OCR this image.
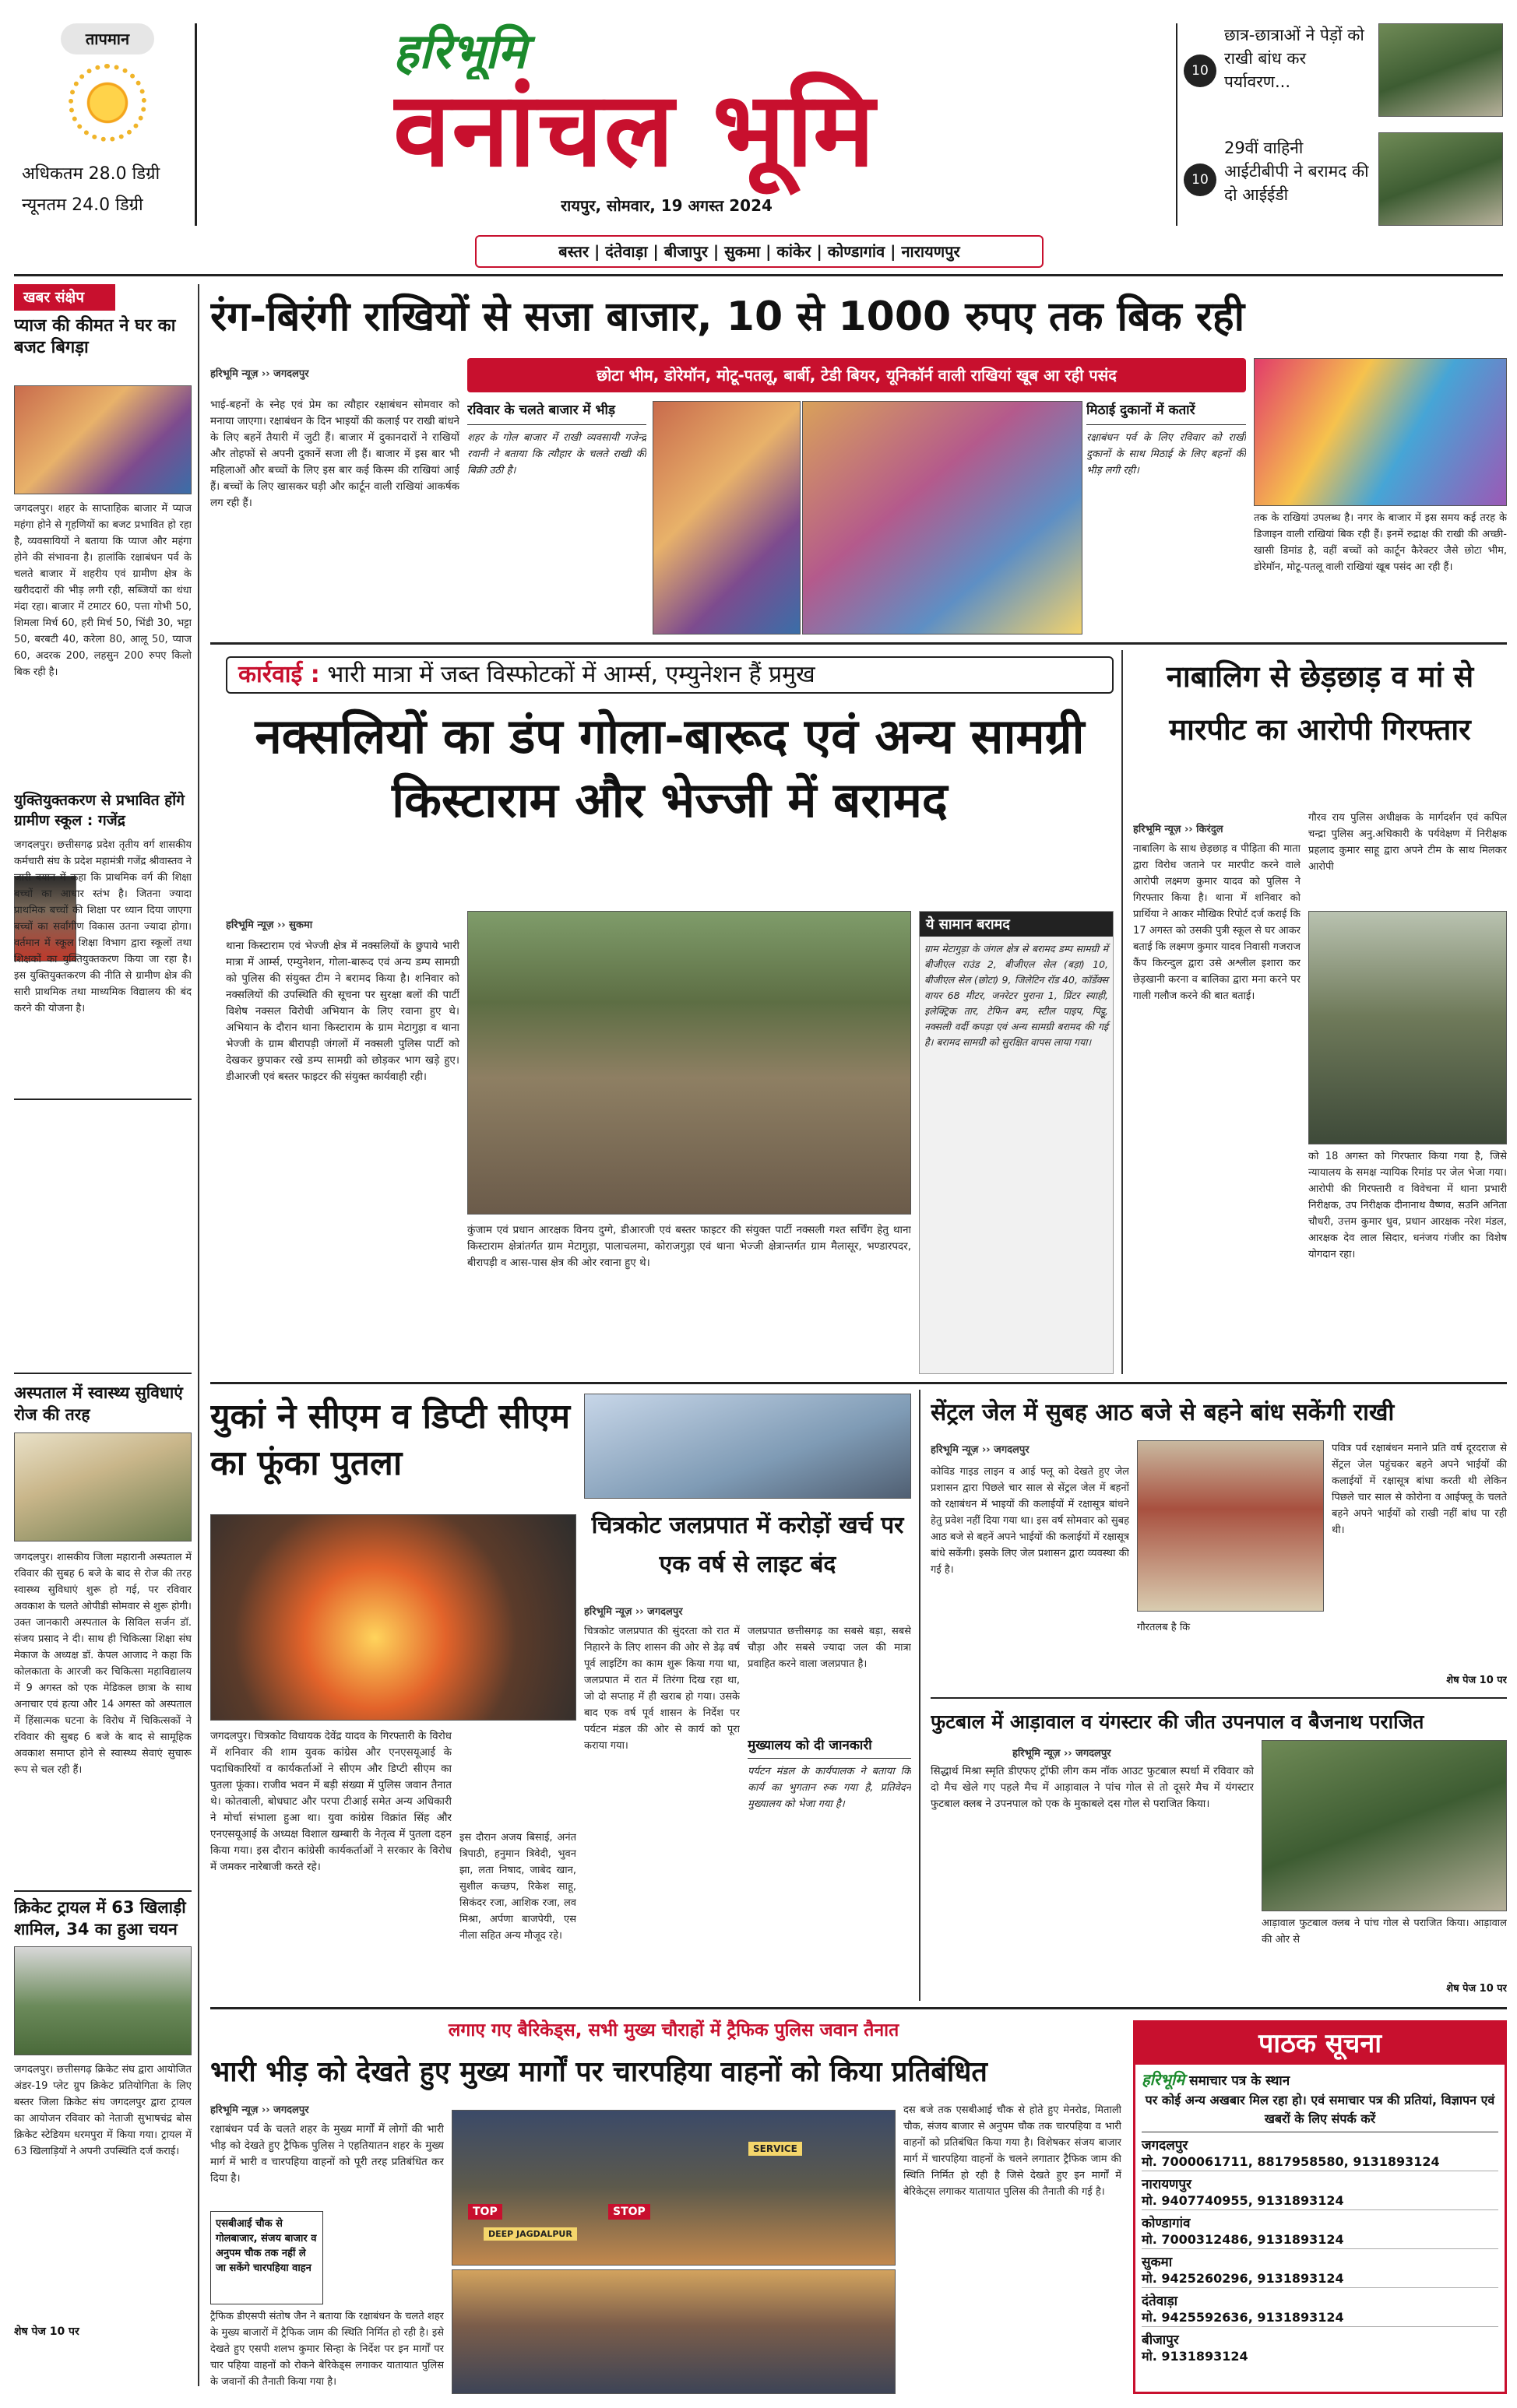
तापमान
अधिकतम 28.0 डिग्री
न्यूनतम 24.0 डिग्री
हरिभूमि
वनांचल भूमि
रायपुर, सोमवार, 19 अगस्त 2024
10
छात्र-छात्राओं ने पेड़ों को राखी बांध कर पर्यावरण...
10
29वीं वाहिनी आईटीबीपी ने बरामद की दो आईईडी
बस्तर | दंतेवाड़ा | बीजापुर | सुकमा | कांकेर | कोण्डागांव | नारायणपुर
खबर संक्षेप
प्याज की कीमत ने घर का बजट बिगड़ा
जगदलपुर। शहर के साप्ताहिक बाजार में प्याज महंगा होने से गृहणियों का बजट प्रभावित हो रहा है, व्यवसायियों ने बताया कि प्याज और महंगा होने की संभावना है। हालांकि रक्षाबंधन पर्व के चलते बाजार में शहरीय एवं ग्रामीण क्षेत्र के खरीददारों की भीड़ लगी रही, सब्जियों का धंधा मंदा रहा। बाजार में टमाटर 60, पत्ता गोभी 50, शिमला मिर्च 60, हरी मिर्च 50, भिंडी 30, भट्टा 50, बरबटी 40, करेला 80, आलू 50, प्याज 60, अदरक 200, लहसुन 200 रुपए किलो बिक रही है।
युक्तियुक्तकरण से प्रभावित होंगे ग्रामीण स्कूल : गजेंद्र
जगदलपुर। छत्तीसगढ़ प्रदेश तृतीय वर्ग शासकीय कर्मचारी संघ के प्रदेश महामंत्री गजेंद्र श्रीवास्तव ने जारी बयान में कहा कि प्राथमिक वर्ग की शिक्षा बच्चों का आधार स्तंभ है। जितना ज्यादा प्राथमिक बच्चों की शिक्षा पर ध्यान दिया जाएगा बच्चों का सर्वांगीण विकास उतना ज्यादा होगा। वर्तमान में स्कूल शिक्षा विभाग द्वारा स्कूलों तथा शिक्षकों का युक्तियुक्तकरण किया जा रहा है। इस युक्तियुक्तकरण की नीति से ग्रामीण क्षेत्र की सारी प्राथमिक तथा माध्यमिक विद्यालय की बंद करने की योजना है।
अस्पताल में स्वास्थ्य सुविधाएं रोज की तरह
जगदलपुर। शासकीय जिला महारानी अस्पताल में रविवार की सुबह 6 बजे के बाद से रोज की तरह स्वास्थ्य सुविधाएं शुरू हो गई, पर रविवार अवकाश के चलते ओपीडी सोमवार से शुरू होगी। उक्त जानकारी अस्पताल के सिविल सर्जन डॉ. संजय प्रसाद ने दी। साथ ही चिकित्सा शिक्षा संघ मेकाज के अध्यक्ष डॉ. केपल आजाद ने कहा कि कोलकाता के आरजी कर चिकित्सा महाविद्यालय में 9 अगस्त को एक मेडिकल छात्रा के साथ अनाचार एवं हत्या और 14 अगस्त को अस्पताल में हिंसात्मक घटना के विरोध में चिकित्सकों ने रविवार की सुबह 6 बजे के बाद से सामूहिक अवकाश समाप्त होने से स्वास्थ्य सेवाएं सुचारू रूप से चल रही हैं।
क्रिकेट ट्रायल में 63 खिलाड़ी शामिल, 34 का हुआ चयन
जगदलपुर। छत्तीसगढ़ क्रिकेट संघ द्वारा आयोजित अंडर-19 प्लेट ग्रुप क्रिकेट प्रतियोगिता के लिए बस्तर जिला क्रिकेट संघ जगदलपुर द्वारा ट्रायल का आयोजन रविवार को नेताजी सुभाषचंद्र बोस क्रिकेट स्टेडियम धरमपुरा में किया गया। ट्रायल में 63 खिलाड़ियों ने अपनी उपस्थिति दर्ज कराई।
शेष पेज 10 पर
रंग-बिरंगी राखियों से सजा बाजार, 10 से 1000 रुपए तक बिक रही
हरिभूमि न्यूज़ ›› जगदलपुर	छोटा भीम, डोरेमॉन, मोटू-पतलू, बार्बी, टेडी बियर, यूनिकॉर्न वाली राखियां खूब आ रही पसंद
भाई-बहनों के स्नेह एवं प्रेम का त्यौहार रक्षाबंधन सोमवार को मनाया जाएगा। रक्षाबंधन के दिन भाइयों की कलाई पर राखी बांधने के लिए बहनें तैयारी में जुटी हैं। बाजार में दुकानदारों ने राखियों और तोहफों से अपनी दुकानें सजा ली हैं। बाजार में इस बार भी महिलाओं और बच्चों के लिए इस बार कई किस्म की राखियां आई हैं। बच्चों के लिए खासकर घड़ी और कार्टून वाली राखियां आकर्षक लग रही हैं।
रविवार के चलते बाजार में भीड़
शहर के गोल बाजार में राखी व्यवसायी गजेन्द्र रवानी ने बताया कि त्यौहार के चलते राखी की बिक्री उठी है।
मिठाई दुकानों में कतारें
रक्षाबंधन पर्व के लिए रविवार को राखी दुकानों के साथ मिठाई के लिए बहनों की भीड़ लगी रही।
तक के राखियां उपलब्ध है। नगर के बाजार में इस समय कई तरह के डिजाइन वाली राखियां बिक रही हैं। इनमें रुद्राक्ष की राखी की अच्छी-खासी डिमांड है, वहीं बच्चों को कार्टून कैरेक्टर जैसे छोटा भीम, डोरेमॉन, मोटू-पतलू वाली राखियां खूब पसंद आ रही हैं।
कार्रवाई : भारी मात्रा में जब्त विस्फोटकों में आर्म्स, एम्युनेशन हैं प्रमुख
नक्सलियों का डंप गोला-बारूद एवं अन्य सामग्री किस्टाराम और भेज्जी में बरामद
हरिभूमि न्यूज़ ›› सुकमा
थाना किस्टाराम एवं भेज्जी क्षेत्र में नक्सलियों के छुपाये भारी मात्रा में आर्म्स, एम्युनेशन, गोला-बारूद एवं अन्य डम्प सामग्री को पुलिस की संयुक्त टीम ने बरामद किया है। शनिवार को नक्सलियों की उपस्थिति की सूचना पर सुरक्षा बलों की पार्टी विशेष नक्सल विरोधी अभियान के लिए रवाना हुए थे। अभियान के दौरान थाना किस्टाराम के ग्राम मेटागुड़ा व थाना भेज्जी के ग्राम बीरापड़ी जंगलों में नक्सली पुलिस पार्टी को देखकर छुपाकर रखे डम्प सामग्री को छोड़कर भाग खड़े हुए। डीआरजी एवं बस्तर फाइटर की संयुक्त कार्यवाही रही।
कुंजाम एवं प्रधान आरक्षक विनय दुग्गे, डीआरजी एवं बस्तर फाइटर की संयुक्त पार्टी नक्सली गश्त सर्चिंग हेतु थाना किस्टाराम क्षेत्रांतर्गत ग्राम मेटागुड़ा, पालाचलमा, कोराजगुड़ा एवं थाना भेज्जी क्षेत्रान्तर्गत ग्राम मैलासूर, भण्डारपदर, बीरापड़ी व आस-पास क्षेत्र की ओर रवाना हुए थे।
ये सामान बरामद
ग्राम मेटागुड़ा के जंगल क्षेत्र से बरामद डम्प सामग्री में बीजीएल राउंड 2, बीजीएल सेल (बड़ा) 10, बीजीएल सेल (छोटा) 9, जिलेटिन रॉड 40, कॉर्डेक्स वायर 68 मीटर, जनरेटर पुराना 1, प्रिंटर स्याही, इलेक्ट्रिक तार, टेफिन बम, स्टील पाइप, पिट्ठू, नक्सली वर्दी कपड़ा एवं अन्य सामग्री बरामद की गई है। बरामद सामग्री को सुरक्षित वापस लाया गया।
नाबालिग से छेड़छाड़ व मां से मारपीट का आरोपी गिरफ्तार
हरिभूमि न्यूज़ ›› किरंदुल
नाबालिग के साथ छेड़छाड़ व पीड़िता की माता द्वारा विरोध जताने पर मारपीट करने वाले आरोपी लक्ष्मण कुमार यादव को पुलिस ने गिरफ्तार किया है। थाना में शनिवार को प्रार्थिया ने आकर मौखिक रिपोर्ट दर्ज कराई कि 17 अगस्त को उसकी पुत्री स्कूल से घर आकर बताई कि लक्ष्मण कुमार यादव निवासी गजराज कैंप किरन्दुल द्वारा उसे अश्लील इशारा कर छेड़खानी करना व बालिका द्वारा मना करने पर गाली गलौज करने की बात बताई।
गौरव राय पुलिस अधीक्षक के मार्गदर्शन एवं कपिल चन्द्रा पुलिस अनु.अधिकारी के पर्यवेक्षण में निरीक्षक प्रहलाद कुमार साहू द्वारा अपने टीम के साथ मिलकर आरोपी
को 18 अगस्त को गिरफ्तार किया गया है, जिसे न्यायालय के समक्ष न्यायिक रिमांड पर जेल भेजा गया। आरोपी की गिरफ्तारी व विवेचना में थाना प्रभारी निरीक्षक, उप निरीक्षक दीनानाथ वैष्णव, सउनि अनिता चौधरी, उत्तम कुमार धुव, प्रधान आरक्षक नरेश मंडल, आरक्षक देव लाल सिदार, धनंजय गंजीर का विशेष योगदान रहा।
युकां ने सीएम व डिप्टी सीएम का फूंका पुतला
जगदलपुर। चित्रकोट विधायक देवेंद्र यादव के गिरफ्तारी के विरोध में शनिवार की शाम युवक कांग्रेस और एनएसयूआई के पदाधिकारियों व कार्यकर्ताओं ने सीएम और डिप्टी सीएम का पुतला फूंका। राजीव भवन में बड़ी संख्या में पुलिस जवान तैनात थे। कोतवाली, बोधघाट और परपा टीआई समेत अन्य अधिकारी ने मोर्चा संभाला हुआ था। युवा कांग्रेस विक्रांत सिंह और एनएसयूआई के अध्यक्ष विशाल खम्बारी के नेतृत्व में पुतला दहन किया गया। इस दौरान कांग्रेसी कार्यकर्ताओं ने सरकार के विरोध में जमकर नारेबाजी करते रहे।
इस दौरान अजय बिसाई, अनंत त्रिपाठी, हनुमान त्रिवेदी, भुवन झा, लता निषाद, जाबेद खान, सुशील कच्छप, रिकेश साहू, सिकंदर रजा, आशिक रजा, लव मिश्रा, अर्पणा बाजपेयी, एस नीला सहित अन्य मौजूद रहे।
चित्रकोट जलप्रपात में करोड़ों खर्च पर एक वर्ष से लाइट बंद
हरिभूमि न्यूज़ ›› जगदलपुर
चित्रकोट जलप्रपात की सुंदरता को रात में निहारने के लिए शासन की ओर से डेढ़ वर्ष पूर्व लाइटिंग का काम शुरू किया गया था, जलप्रपात में रात में तिरंगा दिख रहा था, जो दो सप्ताह में ही खराब हो गया। उसके बाद एक वर्ष पूर्व शासन के निर्देश पर पर्यटन मंडल की ओर से कार्य को पूरा कराया गया।
जलप्रपात छत्तीसगढ़ का सबसे बड़ा, सबसे चौड़ा और सबसे ज्यादा जल की मात्रा प्रवाहित करने वाला जलप्रपात है।
मुख्यालय को दी जानकारी
पर्यटन मंडल के कार्यपालक ने बताया कि कार्य का भुगतान रुक गया है, प्रतिवेदन मुख्यालय को भेजा गया है।
सेंट्रल जेल में सुबह आठ बजे से बहने बांध सकेंगी राखी
हरिभूमि न्यूज़ ›› जगदलपुर
कोविड गाइड लाइन व आई फ्लू को देखते हुए जेल प्रशासन द्वारा पिछले चार साल से सेंट्रल जेल में बहनों को रक्षाबंधन में भाइयों की कलाईयों में रक्षासूत्र बांधने हेतु प्रवेश नहीं दिया गया था। इस वर्ष सोमवार को सुबह आठ बजे से बहनें अपने भाईयों की कलाईयों में रक्षासूत्र बांधे सकेंगी। इसके लिए जेल प्रशासन द्वारा व्यवस्था की गई है।
गौरतलब है कि
पवित्र पर्व रक्षाबंधन मनाने प्रति वर्ष दूरदराज से सेंट्रल जेल पहुंचकर बहने अपने भाईयों की कलाईयों में रक्षासूत्र बांधा करती थी लेकिन पिछले चार साल से कोरोना व आईफ्लू के चलते बहने अपने भाईयों को राखी नहीं बांध पा रही थी।
शेष पेज 10 पर
फुटबाल में आड़ावाल व यंगस्टार की जीत उपनपाल व बैजनाथ पराजित
हरिभूमि न्यूज़ ›› जगदलपुर
सिद्धार्थ मिश्रा स्मृति डीएफए ट्रॉफी लीग कम नॉक आउट फुटबाल स्पर्धा में रविवार को दो मैच खेले गए पहले मैच में आड़ावाल ने पांच गोल से तो दूसरे मैच में यंगस्टार फुटबाल क्लब ने उपनपाल को एक के मुकाबले दस गोल से पराजित किया।
आड़ावाल फुटबाल क्लब ने पांच गोल से पराजित किया। आड़ावाल की ओर से
शेष पेज 10 पर
लगाए गए बैरिकेड्स, सभी मुख्य चौराहों में ट्रैफिक पुलिस जवान तैनात
भारी भीड़ को देखते हुए मुख्य मार्गों पर चारपहिया वाहनों को किया प्रतिबंधित
हरिभूमि न्यूज़ ›› जगदलपुर
रक्षाबंधन पर्व के चलते शहर के मुख्य मार्गों में लोगों की भारी भीड़ को देखते हुए ट्रैफिक पुलिस ने एहतियातन शहर के मुख्य मार्ग में भारी व चारपहिया वाहनों को पूरी तरह प्रतिबंधित कर दिया है।
एसबीआई चौक से गोलबाजार, संजय बाजार व अनुपम चौक तक नहीं ले जा सकेंगे चारपहिया वाहन
ट्रैफिक डीएसपी संतोष जैन ने बताया कि रक्षाबंधन के चलते शहर के मुख्य बाजारों में ट्रैफिक जाम की स्थिति निर्मित हो रही है। इसे देखते हुए एसपी शलभ कुमार सिन्हा के निर्देश पर इन मार्गों पर चार पहिया वाहनों को रोकने बेरिकेड्स लगाकर यातायात पुलिस के जवानों की तैनाती किया गया है।
TOP	STOP
SERVICE
DEEP JAGDALPUR
दस बजे तक एसबीआई चौक से होते हुए मेनरोड, मिताली चौक, संजय बाजार से अनुपम चौक तक चारपहिया व भारी वाहनों को प्रतिबंधित किया गया है। विशेषकर संजय बाजार मार्ग में चारपहिया वाहनों के चलने लगातार ट्रैफिक जाम की स्थिति निर्मित हो रही है जिसे देखते हुए इन मार्गों में बेरिकेट्स लगाकर यातायात पुलिस की तैनाती की गई है।
पाठक सूचना
हरिभूमि समाचार पत्र के स्थान
पर कोई अन्य अखबार मिल रहा हो। एवं समाचार पत्र की प्रतियां, विज्ञापन एवं खबरों के लिए संपर्क करें
जगदलपुर
मो. 7000061711, 8817958580, 9131893124
नारायणपुर
मो. 9407740955, 9131893124
कोण्डागांव
मो. 7000312486, 9131893124
सुकमा
मो. 9425260296, 9131893124
दंतेवाड़ा
मो. 9425592636, 9131893124
बीजापुर
मो. 9131893124
